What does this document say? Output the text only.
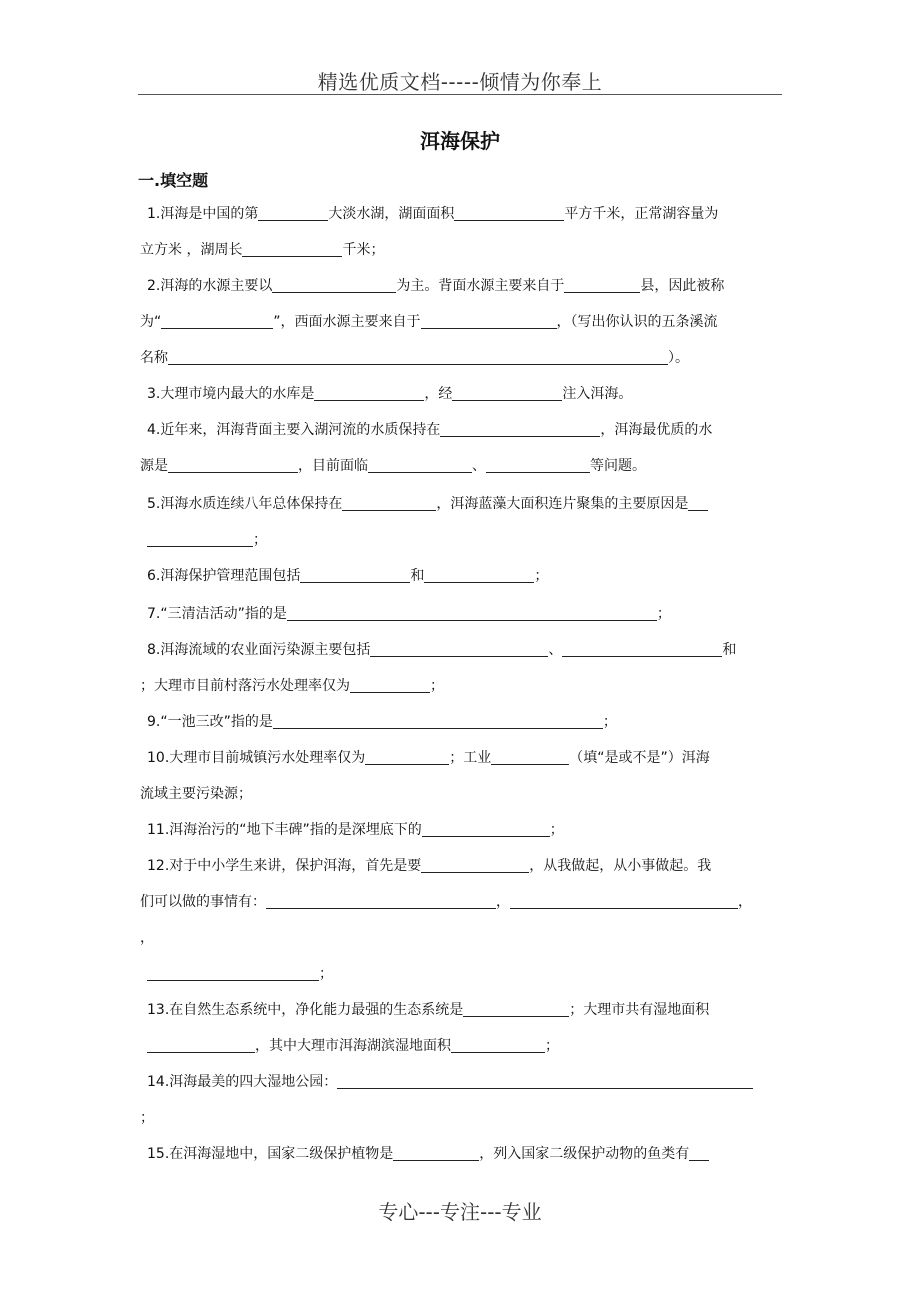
精选优质文档-----倾情为你奉上
洱海保护
一.填空题
1.洱海是中国的第	大淡水湖，湖面面积	平方千米，正常湖容量为
立方米 ，湖周长	千米；
2.洱海的水源主要以	为主。背面水源主要来自于	县，因此被称
为“	”，西面水源主要来自于	，（写出你认识的五条溪流
名称	）。
3.大理市境内最大的水库是	，经	注入洱海。
4.近年来，洱海背面主要入湖河流的水质保持在	，洱海最优质的水
源是	，目前面临	、	等问题。
5.洱海水质连续八年总体保持在	，洱海蓝藻大面积连片聚集的主要原因是
；
6.洱海保护管理范围包括	和	；
7.“三清洁活动”指的是	；
8.洱海流域的农业面污染源主要包括	、	和
；大理市目前村落污水处理率仅为	；
9.“一池三改”指的是	；
10.大理市目前城镇污水处理率仅为	；工业	（填“是或不是”）洱海
流域主要污染源；
11.洱海治污的“地下丰碑”指的是深埋底下的	；
12.对于中小学生来讲，保护洱海，首先是要	，从我做起，从小事做起。我
们可以做的事情有：	，	，
，
；
13.在自然生态系统中，净化能力最强的生态系统是	；大理市共有湿地面积
，其中大理市洱海湖滨湿地面积	；
14.洱海最美的四大湿地公园：
；
15.在洱海湿地中，国家二级保护植物是	，列入国家二级保护动物的鱼类有
专心---专注---专业
